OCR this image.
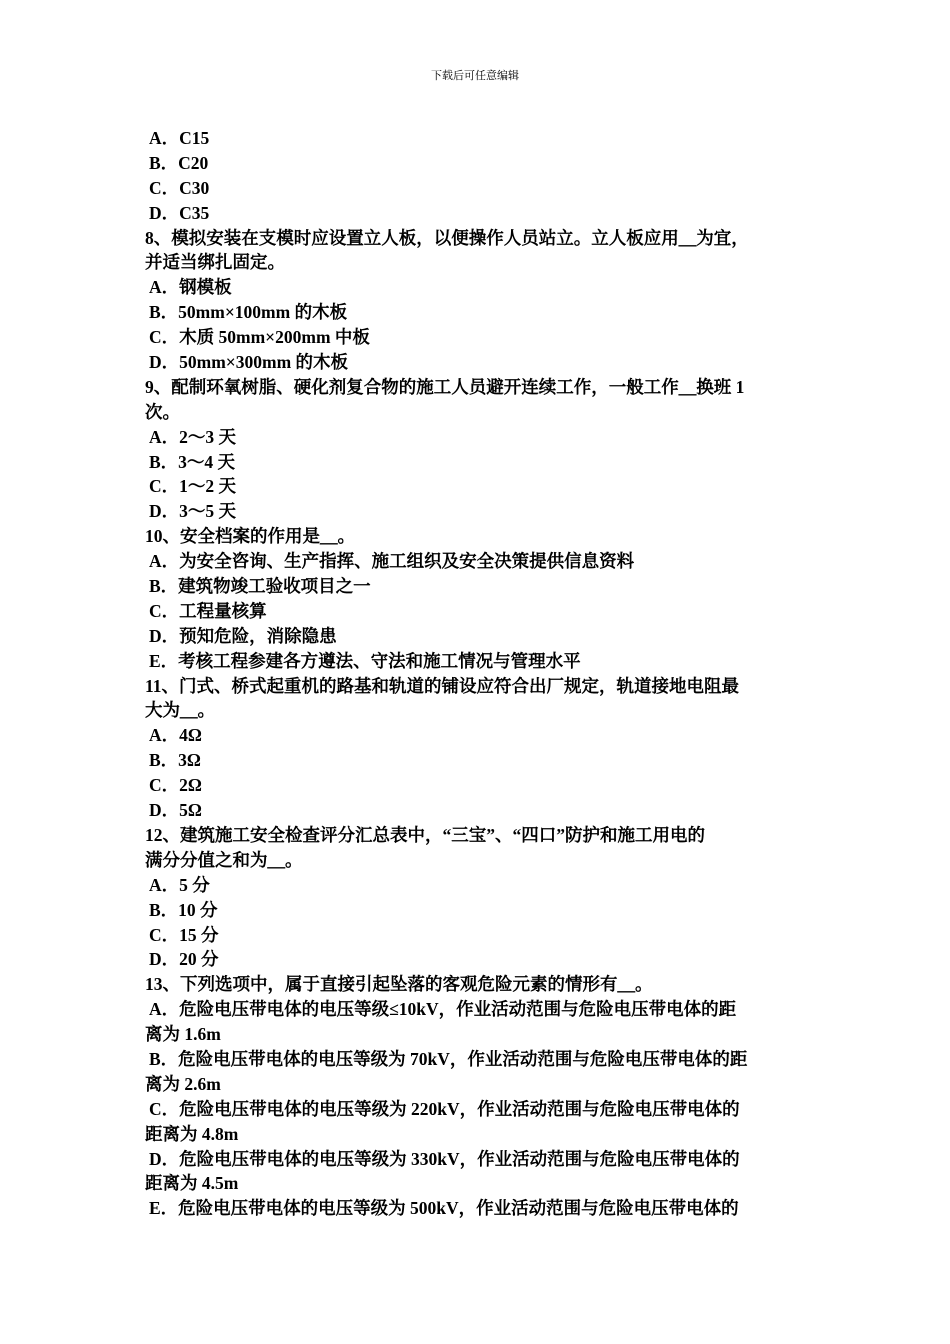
下载后可任意编辑
A．C15
B．C20
C．C30
D．C35
8、模拟安装在支模时应设置立人板，以便操作人员站立。立人板应用＿为宜，
并适当绑扎固定。
A．钢模板
B．50mm×100mm 的木板
C．木质 50mm×200mm 中板
D．50mm×300mm 的木板
9、配制环氧树脂、硬化剂复合物的施工人员避开连续工作，一般工作＿换班 1
次。
A．2～3 天
B．3～4 天
C．1～2 天
D．3～5 天
10、安全档案的作用是＿。
A．为安全咨询、生产指挥、施工组织及安全决策提供信息资料
B．建筑物竣工验收项目之一
C．工程量核算
D．预知危险，消除隐患
E．考核工程参建各方遵法、守法和施工情况与管理水平
11、门式、桥式起重机的路基和轨道的铺设应符合出厂规定，轨道接地电阻最
大为＿。
A．4Ω
B．3Ω
C．2Ω
D．5Ω
12、建筑施工安全检查评分汇总表中，“三宝”、“四口”防护和施工用电的
满分分值之和为＿。
A．5 分
B．10 分
C．15 分
D．20 分
13、下列选项中，属于直接引起坠落的客观危险元素的情形有＿。
A．危险电压带电体的电压等级≤10kV，作业活动范围与危险电压带电体的距
离为 1.6m
B．危险电压带电体的电压等级为 70kV，作业活动范围与危险电压带电体的距
离为 2.6m
C．危险电压带电体的电压等级为 220kV，作业活动范围与危险电压带电体的
距离为 4.8m
D．危险电压带电体的电压等级为 330kV，作业活动范围与危险电压带电体的
距离为 4.5m
E．危险电压带电体的电压等级为 500kV，作业活动范围与危险电压带电体的
